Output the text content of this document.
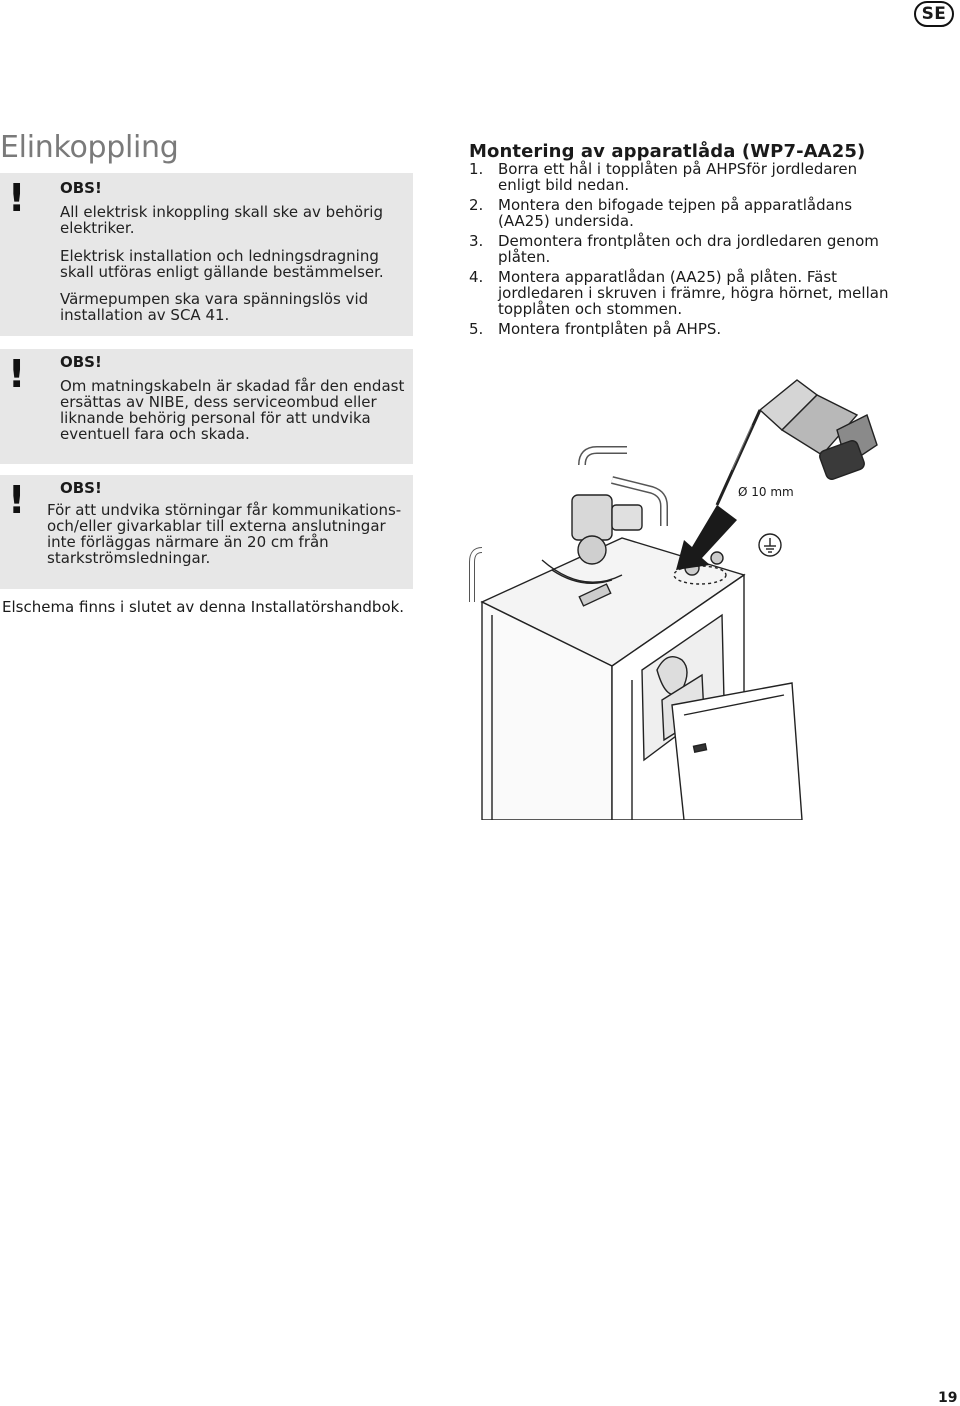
SE
Elinkoppling
! OBS!

All elektrisk inkoppling skall ske av behörig elektriker.

Elektrisk installation och ledningsdragning skall utföras enligt gällande bestämmelser.

Värmepumpen ska vara spänningslös vid installation av SCA 41.

! OBS!

Om matningskabeln är skadad får den endast ersättas av NIBE, dess serviceombud eller liknande behörig personal för att undvika eventuell fara och skada.

! OBS!

För att undvika störningar får kommunikations- och/eller givarkablar till externa anslutningar inte förläggas närmare än 20 cm från starkströmsledningar.

Elschema finns i slutet av denna Installatörshandbok.

Montering av apparatlåda (WP7-AA25)
1. Borra ett hål i topplåten på AHPSför jordledaren enligt bild nedan.
2. Montera den bifogade tejpen på apparatlådans (AA25) undersida.
3. Demontera frontplåten och dra jordledaren genom plåten.
4. Montera apparatlådan (AA25) på plåten. Fäst jordledaren i skruven i främre, högra hörnet, mellan topplåten och stommen.
5. Montera frontplåten på AHPS.
Ø 10 mm
19
